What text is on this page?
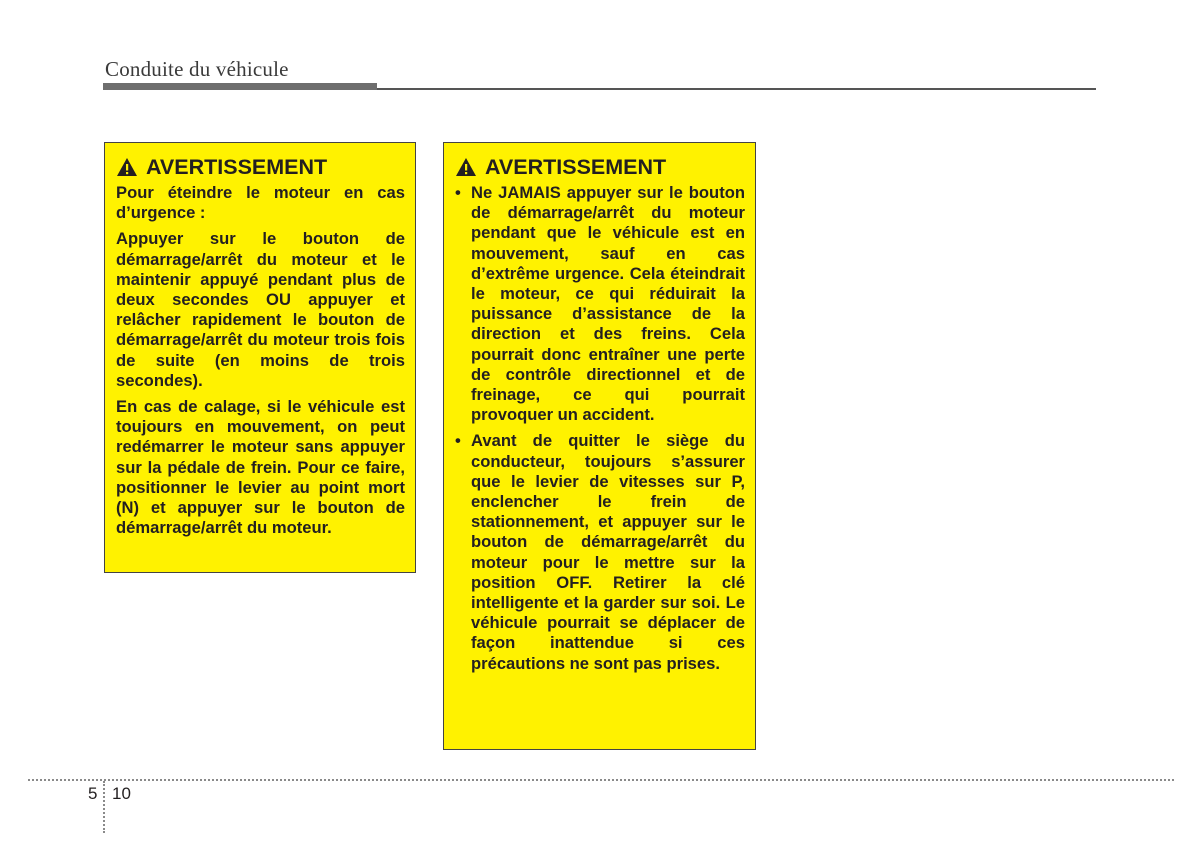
Conduite du véhicule
AVERTISSEMENT

Pour éteindre le moteur en cas d’urgence :

Appuyer sur le bouton de démarrage/arrêt du moteur et le maintenir appuyé pendant plus de deux secondes OU appuyer et relâcher rapidement le bouton de démarrage/arrêt du moteur trois fois de suite (en moins de trois secondes).

En cas de calage, si le véhicule est toujours en mouvement, on peut redémarrer le moteur sans appuyer sur la pédale de frein. Pour ce faire, positionner le levier au point mort (N) et appuyer sur le bouton de démarrage/arrêt du moteur.

AVERTISSEMENT
• Ne JAMAIS appuyer sur le bouton de démarrage/arrêt du moteur pendant que le véhicule est en mouvement, sauf en cas d’extrême urgence. Cela éteindrait le moteur, ce qui réduirait la puissance d’assistance de la direction et des freins. Cela pourrait donc entraîner une perte de contrôle directionnel et de freinage, ce qui pourrait provoquer un accident.
• Avant de quitter le siège du conducteur, toujours s’assurer que le levier de vitesses sur P, enclencher le frein de stationnement, et appuyer sur le bouton de démarrage/arrêt du moteur pour le mettre sur la position OFF. Retirer la clé intelligente et la garder sur soi. Le véhicule pourrait se déplacer de façon inattendue si ces précautions ne sont pas prises.
5 10
